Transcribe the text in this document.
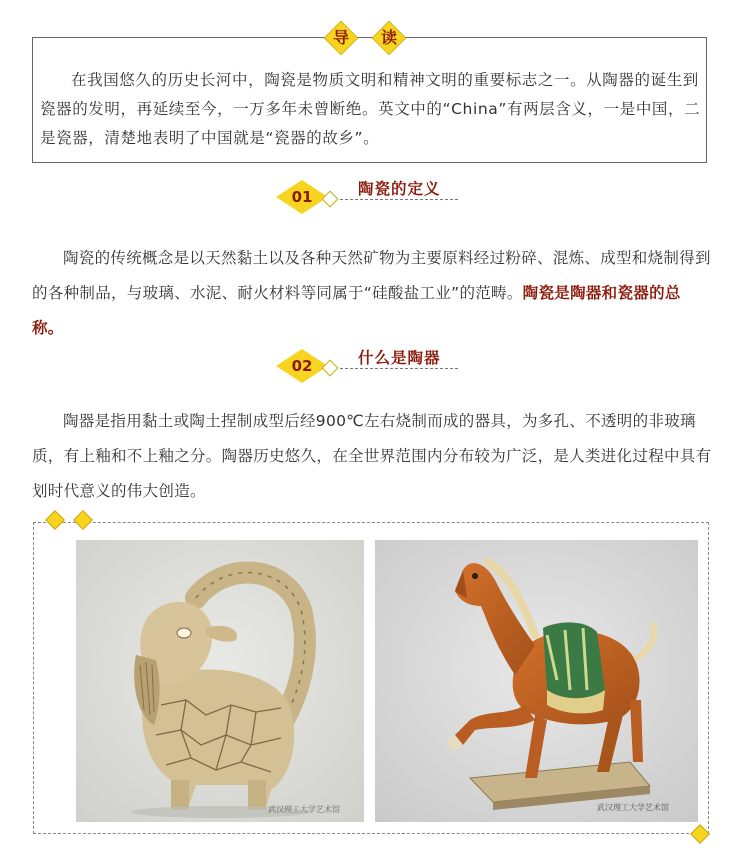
导	读

在我国悠久的历史长河中，陶瓷是物质文明和精神文明的重要标志之一。从陶器的诞生到瓷器的发明，再延续至今，一万多年未曾断绝。英文中的“China”有两层含义，一是中国，二是瓷器，清楚地表明了中国就是“瓷器的故乡”。

01	陶瓷的定义

陶瓷的传统概念是以天然黏土以及各种天然矿物为主要原料经过粉碎、混炼、成型和烧制得到的各种制品，与玻璃、水泥、耐火材料等同属于“硅酸盐工业”的范畴。陶瓷是陶器和瓷器的总称。

02	什么是陶器

陶器是指用黏土或陶土捏制成型后经900℃左右烧制而成的器具，为多孔、不透明的非玻璃质，有上釉和不上釉之分。陶器历史悠久，在全世界范围内分布较为广泛，是人类进化过程中具有划时代意义的伟大创造。

武汉理工大学艺术馆	武汉理工大学艺术馆
